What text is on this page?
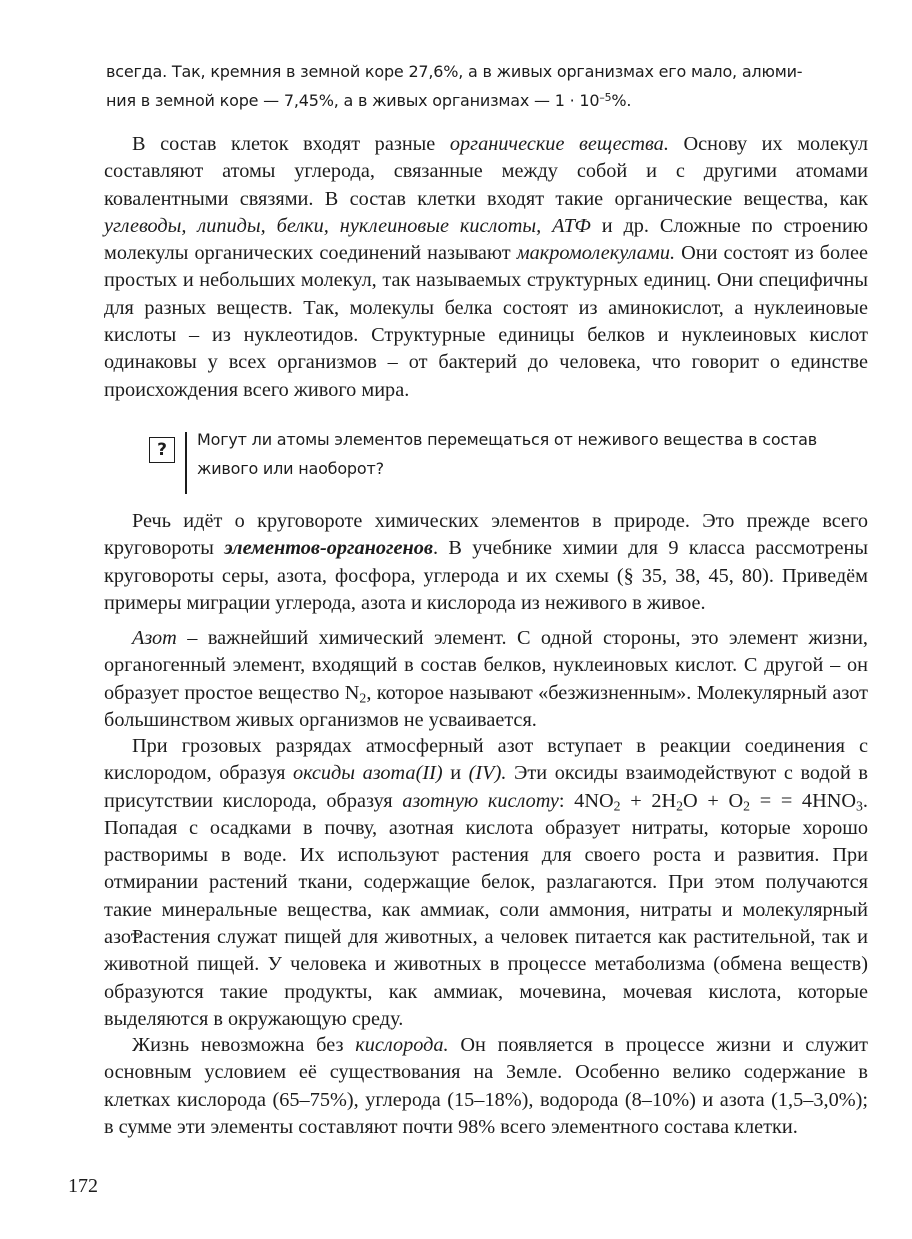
всегда. Так, кремния в земной коре 27,6%, а в живых организмах его мало, алюми-
ния в земной коре — 7,45%, а в живых организмах — $1 \cdot 10^{-5}\%$.

В состав клеток входят разные органические вещества. Основу их молекул составляют атомы углерода, связанные между собой и с другими атомами ковалентными связями. В состав клетки входят такие органические вещества, как углеводы, липиды, белки, нуклеиновые кислоты, АТФ и др. Сложные по строению молекулы органических соединений называют макромолекулами. Они состоят из более простых и небольших молекул, так называемых структурных единиц. Они специфичны для разных веществ. Так, молекулы белка состоят из аминокислот, а нуклеиновые кислоты – из нуклеотидов. Структурные единицы белков и нуклеиновых кислот одинаковы у всех организмов – от бактерий до человека, что говорит о единстве происхождения всего живого мира.

?
Могут ли атомы элементов перемещаться от неживого вещества в состав живого или наоборот?

Речь идёт о круговороте химических элементов в природе. Это прежде всего круговороты элементов-органогенов. В учебнике химии для 9 класса рассмотрены круговороты серы, азота, фосфора, углерода и их схемы (§ 35, 38, 45, 80). Приведём примеры миграции углерода, азота и кислорода из неживого в живое.

Азот – важнейший химический элемент. С одной стороны, это элемент жизни, органогенный элемент, входящий в состав белков, нуклеиновых кислот. С другой – он образует простое вещество $N_2$, которое называют «безжизненным». Молекулярный азот большинством живых организмов не усваивается.

При грозовых разрядах атмосферный азот вступает в реакции соединения с кислородом, образуя оксиды азота(II) и (IV). Эти оксиды взаимодействуют с водой в присутствии кислорода, образуя азотную кислоту: $4NO_2 + 2H_2O + O_2$ = = $4HNO_3$. Попадая с осадками в почву, азотная кислота образует нитраты, которые хорошо растворимы в воде. Их используют растения для своего роста и развития. При отмирании растений ткани, содержащие белок, разлагаются. При этом получаются такие минеральные вещества, как аммиак, соли аммония, нитраты и молекулярный азот.

Растения служат пищей для животных, а человек питается как растительной, так и животной пищей. У человека и животных в процессе метаболизма (обмена веществ) образуются такие продукты, как аммиак, мочевина, мочевая кислота, которые выделяются в окружающую среду.

Жизнь невозможна без кислорода. Он появляется в процессе жизни и служит основным условием её существования на Земле. Особенно велико содержание в клетках кислорода (65–75%), углерода (15–18%), водорода (8–10%) и азота (1,5–3,0%); в сумме эти элементы составляют почти 98% всего элементного состава клетки.

172
